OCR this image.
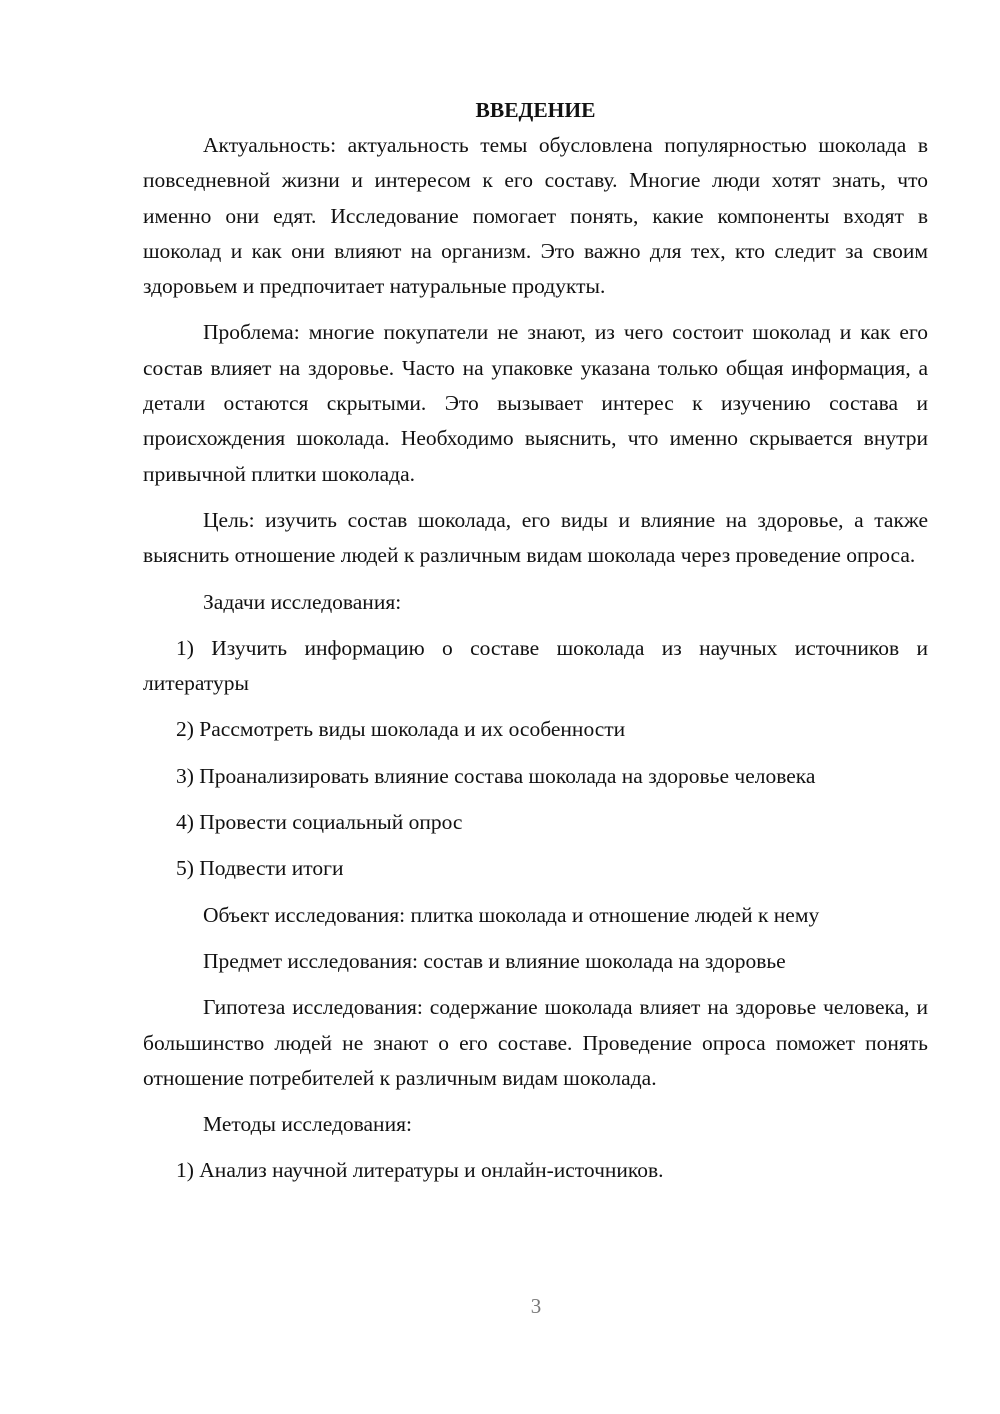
ВВЕДЕНИЕ

Актуальность: актуальность темы обусловлена популярностью шоколада в повседневной жизни и интересом к его составу. Многие люди хотят знать, что именно они едят. Исследование помогает понять, какие компоненты входят в шоколад и как они влияют на организм. Это важно для тех, кто следит за своим здоровьем и предпочитает натуральные продукты.

Проблема: многие покупатели не знают, из чего состоит шоколад и как его состав влияет на здоровье. Часто на упаковке указана только общая информация, а детали остаются скрытыми. Это вызывает интерес к изучению состава и происхождения шоколада. Необходимо выяснить, что именно скрывается внутри привычной плитки шоколада.

Цель: изучить состав шоколада, его виды и влияние на здоровье, а также выяснить отношение людей к различным видам шоколада через проведение опроса.

Задачи исследования:

1) Изучить информацию о составе шоколада из научных источников и литературы

2) Рассмотреть виды шоколада и их особенности

3) Проанализировать влияние состава шоколада на здоровье человека

4) Провести социальный опрос

5) Подвести итоги

Объект исследования: плитка шоколада и отношение людей к нему

Предмет исследования: состав и влияние шоколада на здоровье

Гипотеза исследования: содержание шоколада влияет на здоровье человека, и большинство людей не знают о его составе. Проведение опроса поможет понять отношение потребителей к различным видам шоколада.

Методы исследования:

1) Анализ научной литературы и онлайн-источников.

3
